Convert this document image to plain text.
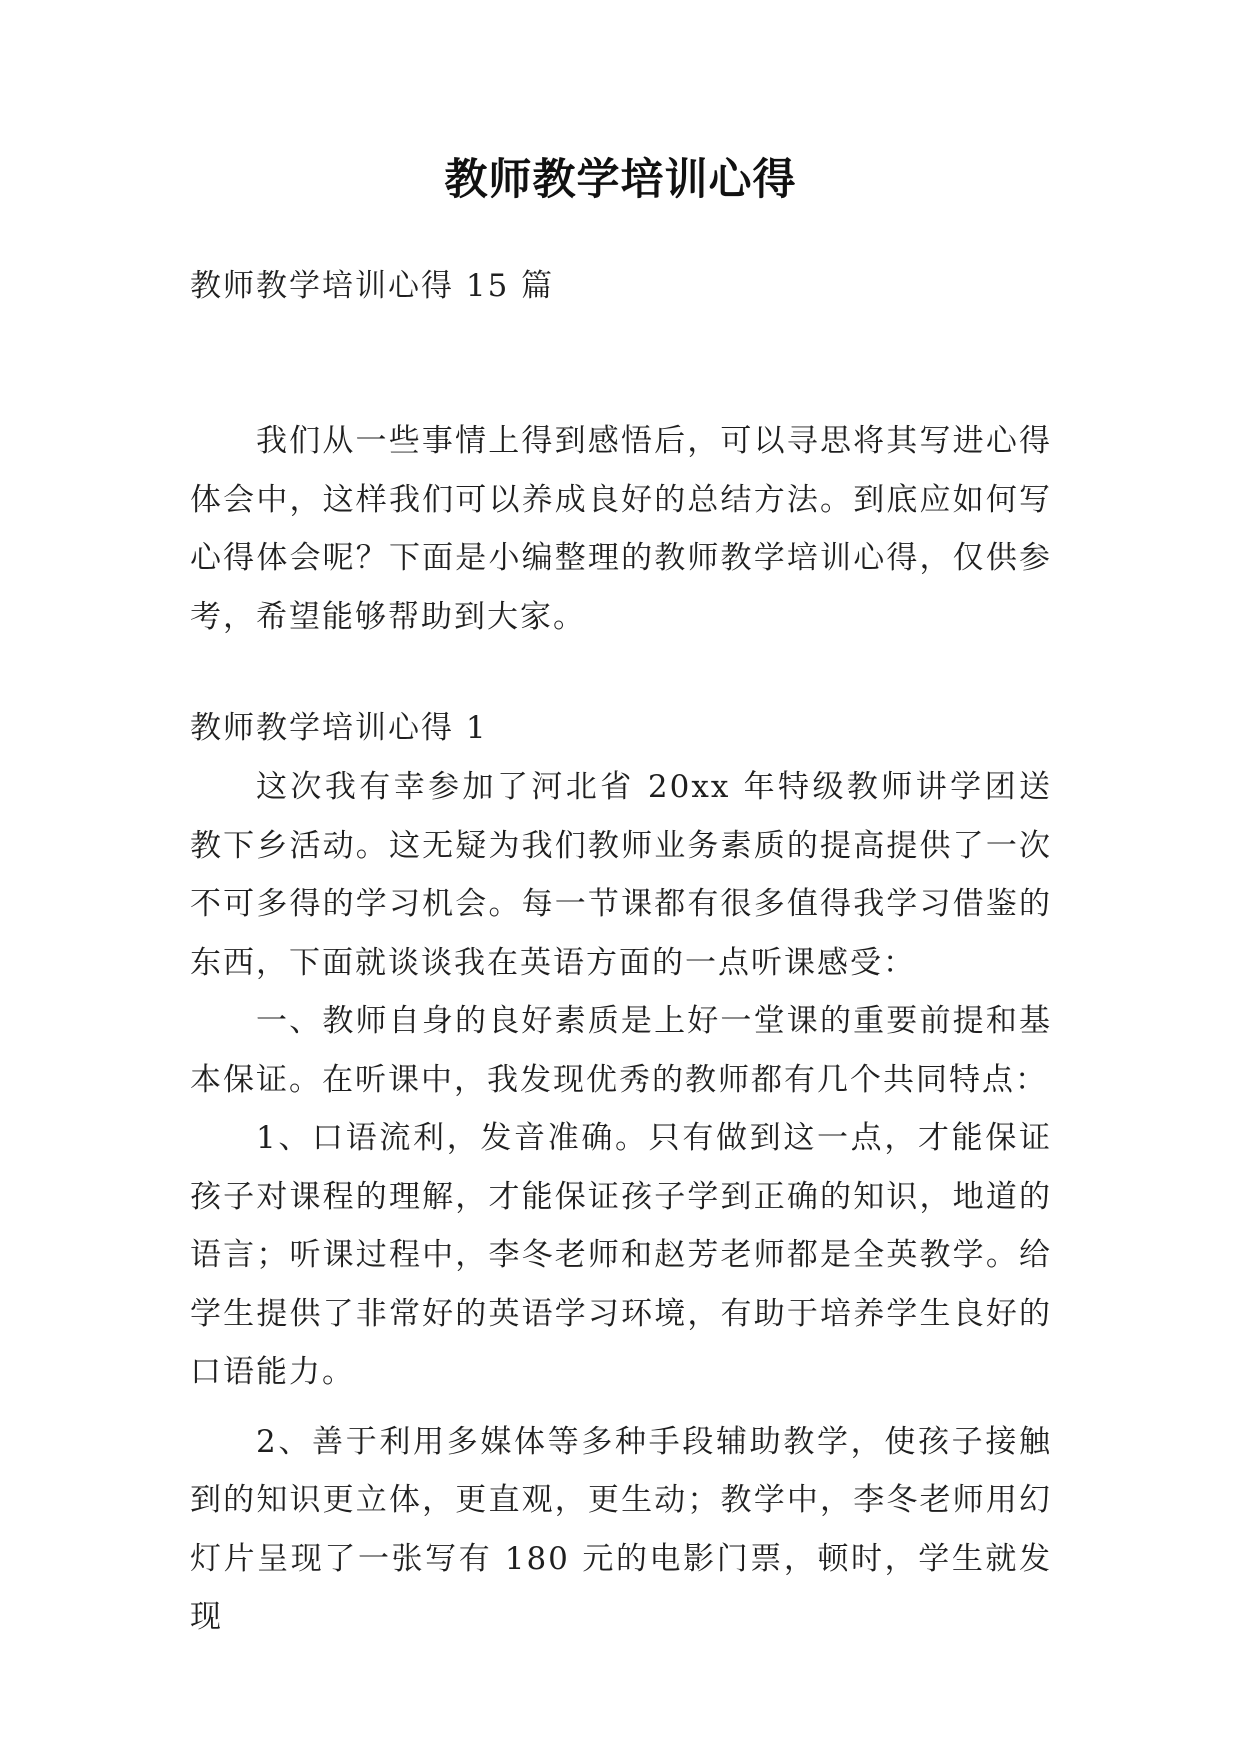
教师教学培训心得
教师教学培训心得 15 篇

我们从一些事情上得到感悟后，可以寻思将其写进心得体会中，这样我们可以养成良好的总结方法。到底应如何写心得体会呢？下面是小编整理的教师教学培训心得，仅供参考，希望能够帮助到大家。

教师教学培训心得 1

这次我有幸参加了河北省 20xx 年特级教师讲学团送教下乡活动。这无疑为我们教师业务素质的提高提供了一次不可多得的学习机会。每一节课都有很多值得我学习借鉴的东西，下面就谈谈我在英语方面的一点听课感受：

一、教师自身的良好素质是上好一堂课的重要前提和基本保证。在听课中，我发现优秀的教师都有几个共同特点：

1、口语流利，发音准确。只有做到这一点，才能保证孩子对课程的理解，才能保证孩子学到正确的知识，地道的语言；听课过程中，李冬老师和赵芳老师都是全英教学。给学生提供了非常好的英语学习环境，有助于培养学生良好的口语能力。

2、善于利用多媒体等多种手段辅助教学，使孩子接触到的知识更立体，更直观，更生动；教学中，李冬老师用幻灯片呈现了一张写有 180 元的电影门票，顿时，学生就发现
